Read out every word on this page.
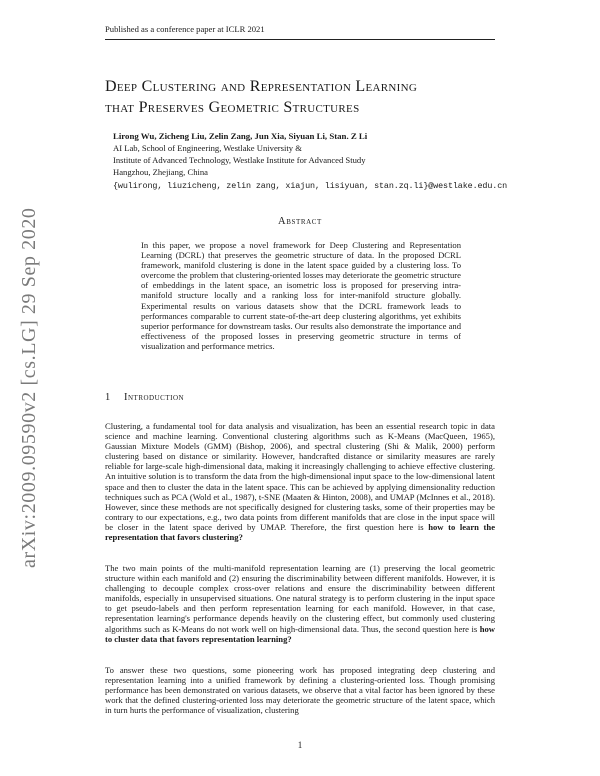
Published as a conference paper at ICLR 2021
Deep Clustering and Representation Learning
that Preserves Geometric Structures
Lirong Wu, Zicheng Liu, Zelin Zang, Jun Xia, Siyuan Li, Stan. Z Li
AI Lab, School of Engineering, Westlake University &
Institute of Advanced Technology, Westlake Institute for Advanced Study
Hangzhou, Zhejiang, China
{wulirong, liuzicheng, zelin zang, xiajun, lisiyuan, stan.zq.li}@westlake.edu.cn
Abstract
In this paper, we propose a novel framework for Deep Clustering and Representation Learning (DCRL) that preserves the geometric structure of data. In the proposed DCRL framework, manifold clustering is done in the latent space guided by a clustering loss. To overcome the problem that clustering-oriented losses may deteriorate the geometric structure of embeddings in the latent space, an isometric loss is proposed for preserving intra-manifold structure locally and a ranking loss for inter-manifold structure globally. Experimental results on various datasets show that the DCRL framework leads to performances comparable to current state-of-the-art deep clustering algorithms, yet exhibits superior performance for downstream tasks. Our results also demonstrate the importance and effectiveness of the proposed losses in preserving geometric structure in terms of visualization and performance metrics.
1 Introduction
Clustering, a fundamental tool for data analysis and visualization, has been an essential research topic in data science and machine learning. Conventional clustering algorithms such as K-Means (MacQueen, 1965), Gaussian Mixture Models (GMM) (Bishop, 2006), and spectral clustering (Shi & Malik, 2000) perform clustering based on distance or similarity. However, handcrafted distance or similarity measures are rarely reliable for large-scale high-dimensional data, making it increasingly challenging to achieve effective clustering. An intuitive solution is to transform the data from the high-dimensional input space to the low-dimensional latent space and then to cluster the data in the latent space. This can be achieved by applying dimensionality reduction techniques such as PCA (Wold et al., 1987), t-SNE (Maaten & Hinton, 2008), and UMAP (McInnes et al., 2018). However, since these methods are not specifically designed for clustering tasks, some of their properties may be contrary to our expectations, e.g., two data points from different manifolds that are close in the input space will be closer in the latent space derived by UMAP. Therefore, the first question here is how to learn the representation that favors clustering?
The two main points of the multi-manifold representation learning are (1) preserving the local geometric structure within each manifold and (2) ensuring the discriminability between different manifolds. However, it is challenging to decouple complex cross-over relations and ensure the discriminability between different manifolds, especially in unsupervised situations. One natural strategy is to perform clustering in the input space to get pseudo-labels and then perform representation learning for each manifold. However, in that case, representation learning's performance depends heavily on the clustering effect, but commonly used clustering algorithms such as K-Means do not work well on high-dimensional data. Thus, the second question here is how to cluster data that favors representation learning?
To answer these two questions, some pioneering work has proposed integrating deep clustering and representation learning into a unified framework by defining a clustering-oriented loss. Though promising performance has been demonstrated on various datasets, we observe that a vital factor has been ignored by these work that the defined clustering-oriented loss may deteriorate the geometric structure of the latent space, which in turn hurts the performance of visualization, clustering
arXiv:2009.09590v2 [cs.LG] 29 Sep 2020
1
